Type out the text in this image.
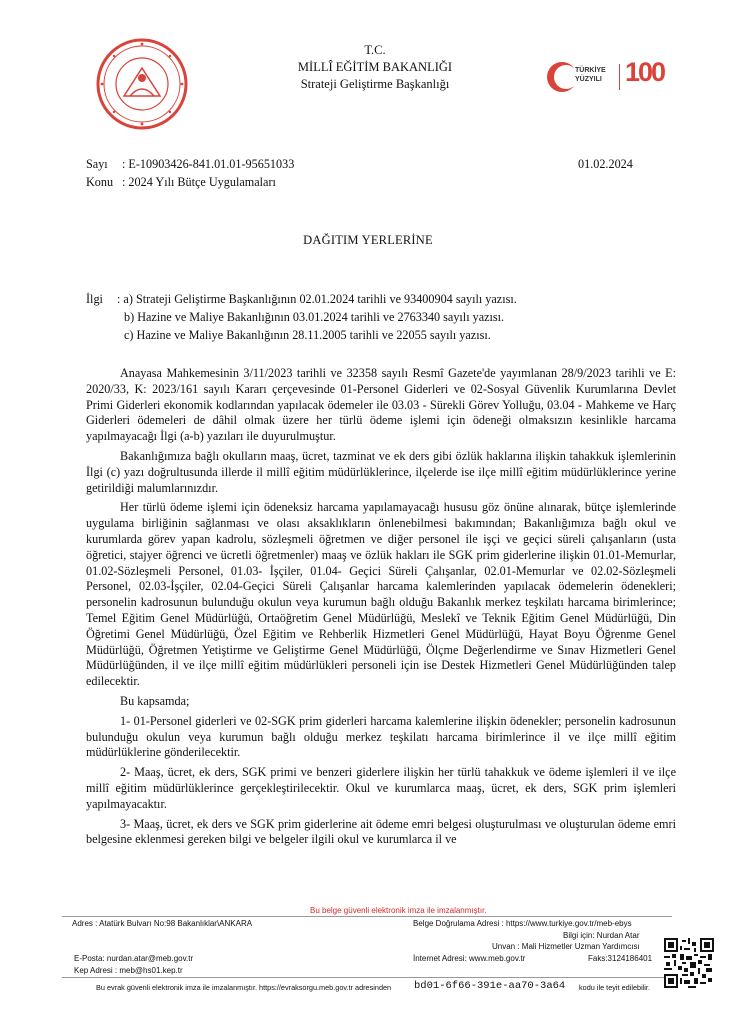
T.C.
MİLLÎ EĞİTİM BAKANLIĞI
Strateji Geliştirme Başkanlığı
TÜRKİYE
YÜZYILI 100
Sayı : E-10903426-841.01.01-95651033	01.02.2024
Konu : 2024 Yılı Bütçe Uygulamaları
DAĞITIM YERLERİNE
İlgi : a) Strateji Geliştirme Başkanlığının 02.01.2024 tarihli ve 93400904 sayılı yazısı.
b) Hazine ve Maliye Bakanlığının 03.01.2024 tarihli ve 2763340 sayılı yazısı.
c) Hazine ve Maliye Bakanlığının 28.11.2005 tarihli ve 22055 sayılı yazısı.

Anayasa Mahkemesinin 3/11/2023 tarihli ve 32358 sayılı Resmî Gazete'de yayımlanan 28/9/2023 tarihli ve E: 2020/33, K: 2023/161 sayılı Kararı çerçevesinde 01-Personel Giderleri ve 02-Sosyal Güvenlik Kurumlarına Devlet Primi Giderleri ekonomik kodlarından yapılacak ödemeler ile 03.03 - Sürekli Görev Yolluğu, 03.04 - Mahkeme ve Harç Giderleri ödemeleri de dâhil olmak üzere her türlü ödeme işlemi için ödeneği olmaksızın kesinlikle harcama yapılmayacağı İlgi (a-b) yazıları ile duyurulmuştur.

Bakanlığımıza bağlı okulların maaş, ücret, tazminat ve ek ders gibi özlük haklarına ilişkin tahakkuk işlemlerinin İlgi (c) yazı doğrultusunda illerde il millî eğitim müdürlüklerince, ilçelerde ise ilçe millî eğitim müdürlüklerince yerine getirildiği malumlarınızdır.

Her türlü ödeme işlemi için ödeneksiz harcama yapılamayacağı hususu göz önüne alınarak, bütçe işlemlerinde uygulama birliğinin sağlanması ve olası aksaklıkların önlenebilmesi bakımından; Bakanlığımıza bağlı okul ve kurumlarda görev yapan kadrolu, sözleşmeli öğretmen ve diğer personel ile işçi ve geçici süreli çalışanların (usta öğretici, stajyer öğrenci ve ücretli öğretmenler) maaş ve özlük hakları ile SGK prim giderlerine ilişkin 01.01-Memurlar, 01.02-Sözleşmeli Personel, 01.03- İşçiler, 01.04- Geçici Süreli Çalışanlar, 02.01-Memurlar ve 02.02-Sözleşmeli Personel, 02.03-İşçiler, 02.04-Geçici Süreli Çalışanlar harcama kalemlerinden yapılacak ödemelerin ödenekleri; personelin kadrosunun bulunduğu okulun veya kurumun bağlı olduğu Bakanlık merkez teşkilatı harcama birimlerince; Temel Eğitim Genel Müdürlüğü, Ortaöğretim Genel Müdürlüğü, Meslekî ve Teknik Eğitim Genel Müdürlüğü, Din Öğretimi Genel Müdürlüğü, Özel Eğitim ve Rehberlik Hizmetleri Genel Müdürlüğü, Hayat Boyu Öğrenme Genel Müdürlüğü, Öğretmen Yetiştirme ve Geliştirme Genel Müdürlüğü, Ölçme Değerlendirme ve Sınav Hizmetleri Genel Müdürlüğünden, il ve ilçe millî eğitim müdürlükleri personeli için ise Destek Hizmetleri Genel Müdürlüğünden talep edilecektir.

Bu kapsamda;

1- 01-Personel giderleri ve 02-SGK prim giderleri harcama kalemlerine ilişkin ödenekler; personelin kadrosunun bulunduğu okulun veya kurumun bağlı olduğu merkez teşkilatı harcama birimlerince il ve ilçe millî eğitim müdürlüklerine gönderilecektir.

2- Maaş, ücret, ek ders, SGK primi ve benzeri giderlere ilişkin her türlü tahakkuk ve ödeme işlemleri il ve ilçe millî eğitim müdürlüklerince gerçekleştirilecektir. Okul ve kurumlarca maaş, ücret, ek ders, SGK prim işlemleri yapılmayacaktır.

3- Maaş, ücret, ek ders ve SGK prim giderlerine ait ödeme emri belgesi oluşturulması ve oluşturulan ödeme emri belgesine eklenmesi gereken bilgi ve belgeler ilgili okul ve kurumlarca il ve

Bu belge güvenli elektronik imza ile imzalanmıştır.
Adres : Atatürk Bulvarı No:98 Bakanlıklar\ANKARA	Belge Doğrulama Adresi : https://www.turkiye.gov.tr/meb-ebys
Bilgi için: Nurdan Atar
Unvan : Mali Hizmetler Uzman Yardımcısı
E-Posta: nurdan.atar@meb.gov.tr	İnternet Adresi: www.meb.gov.tr	Faks:3124186401
Kep Adresi : meb@hs01.kep.tr
Bu evrak güvenli elektronik imza ile imzalanmıştır. https://evraksorgu.meb.gov.tr adresinden bd01-6f66-391e-aa70-3a64 kodu ile teyit edilebilir.
